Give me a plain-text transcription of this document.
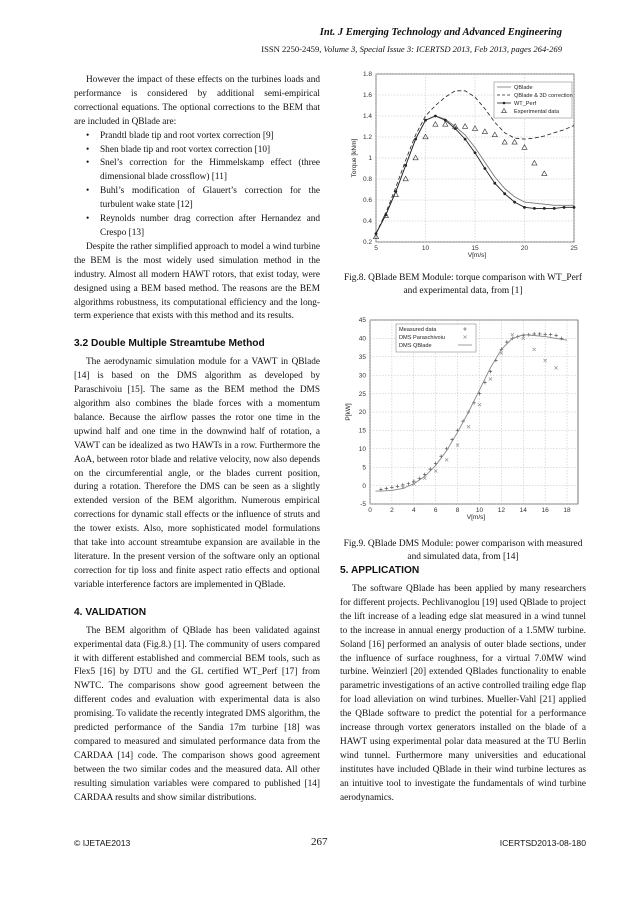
Int. J Emerging Technology and Advanced Engineering
ISSN 2250-2459, Volume 3, Special Issue 3: ICERTSD 2013, Feb 2013, pages 264-269

However the impact of these effects on the turbines loads and performance is considered by additional semi-empirical correctional equations. The optional corrections to the BEM that are included in QBlade are:

• Prandtl blade tip and root vortex correction [9]
• Shen blade tip and root vortex correction [10]
• Snel’s correction for the Himmelskamp effect (three dimensional blade crossflow) [11]
• Buhl’s modification of Glauert’s correction for the turbulent wake state [12]
• Reynolds number drag correction after Hernandez and Crespo [13]

Despite the rather simplified approach to model a wind turbine the BEM is the most widely used simulation method in the industry. Almost all modern HAWT rotors, that exist today, were designed using a BEM based method. The reasons are the BEM algorithms robustness, its computational efficiency and the long-term experience that exists with this method and its results.

3.2 Double Multiple Streamtube Method

The aerodynamic simulation module for a VAWT in QBlade [14] is based on the DMS algorithm as developed by Paraschivoiu [15]. The same as the BEM method the DMS algorithm also combines the blade forces with a momentum balance. Because the airflow passes the rotor one time in the upwind half and one time in the downwind half of rotation, a VAWT can be idealized as two HAWTs in a row. Furthermore the AoA, between rotor blade and relative velocity, now also depends on the circumferential angle, or the blades current position, during a rotation. Therefore the DMS can be seen as a slightly extended version of the BEM algorithm. Numerous empirical corrections for dynamic stall effects or the influence of struts and the tower exists. Also, more sophisticated model formulations that take into account streamtube expansion are available in the literature. In the present version of the software only an optional correction for tip loss and finite aspect ratio effects and optional variable interference factors are implemented in QBlade.

4. VALIDATION

The BEM algorithm of QBlade has been validated against experimental data (Fig.8.) [1]. The community of users compared it with different established and commercial BEM tools, such as Flex5 [16] by DTU and the GL certified WT_Perf [17] from NWTC. The comparisons show good agreement between the different codes and evaluation with experimental data is also promising. To validate the recently integrated DMS algorithm, the predicted performance of the Sandia 17m turbine [18] was compared to measured and simulated performance data from the CARDAA [14] code. The comparison shows good agreement between the two similar codes and the measured data. All other resulting simulation variables were compared to published [14] CARDAA results and show similar distributions.

5	10	15	20	25
0.2
0.4
0.6
0.8
1
1.2
1.4
1.6
1.8
V[m/s]
Torque [kNm]
QBlade
QBlade & 3D correction
WT_Perf
Experimental data
Fig.8. QBlade BEM Module: torque comparison with WT_Perf and experimental data, from [1]
0	2	4	6	8	10 12 14 16 18
-5
0
5
10
15
20
25
30
35
40
45
V[m/s]
P[kW]
Measured data
DMS Paraschivoiu
DMS QBlade
Fig.9. QBlade DMS Module: power comparison with measured and simulated data, from [14]
5. APPLICATION

The software QBlade has been applied by many researchers for different projects. Pechlivanoglou [19] used QBlade to project the lift increase of a leading edge slat measured in a wind tunnel to the increase in annual energy production of a 1.5MW turbine. Soland [16] performed an analysis of outer blade sections, under the influence of surface roughness, for a virtual 7.0MW wind turbine. Weinzierl [20] extended QBlades functionality to enable parametric investigations of an active controlled trailing edge flap for load alleviation on wind turbines. Mueller-Vahl [21] applied the QBlade software to predict the potential for a performance increase through vortex generators installed on the blade of a HAWT using experimental polar data measured at the TU Berlin wind tunnel. Furthermore many universities and educational institutes have included QBlade in their wind turbine lectures as an intuitive tool to investigate the fundamentals of wind turbine aerodynamics.

© IJETAE2013	267	ICERTSD2013-08-180
